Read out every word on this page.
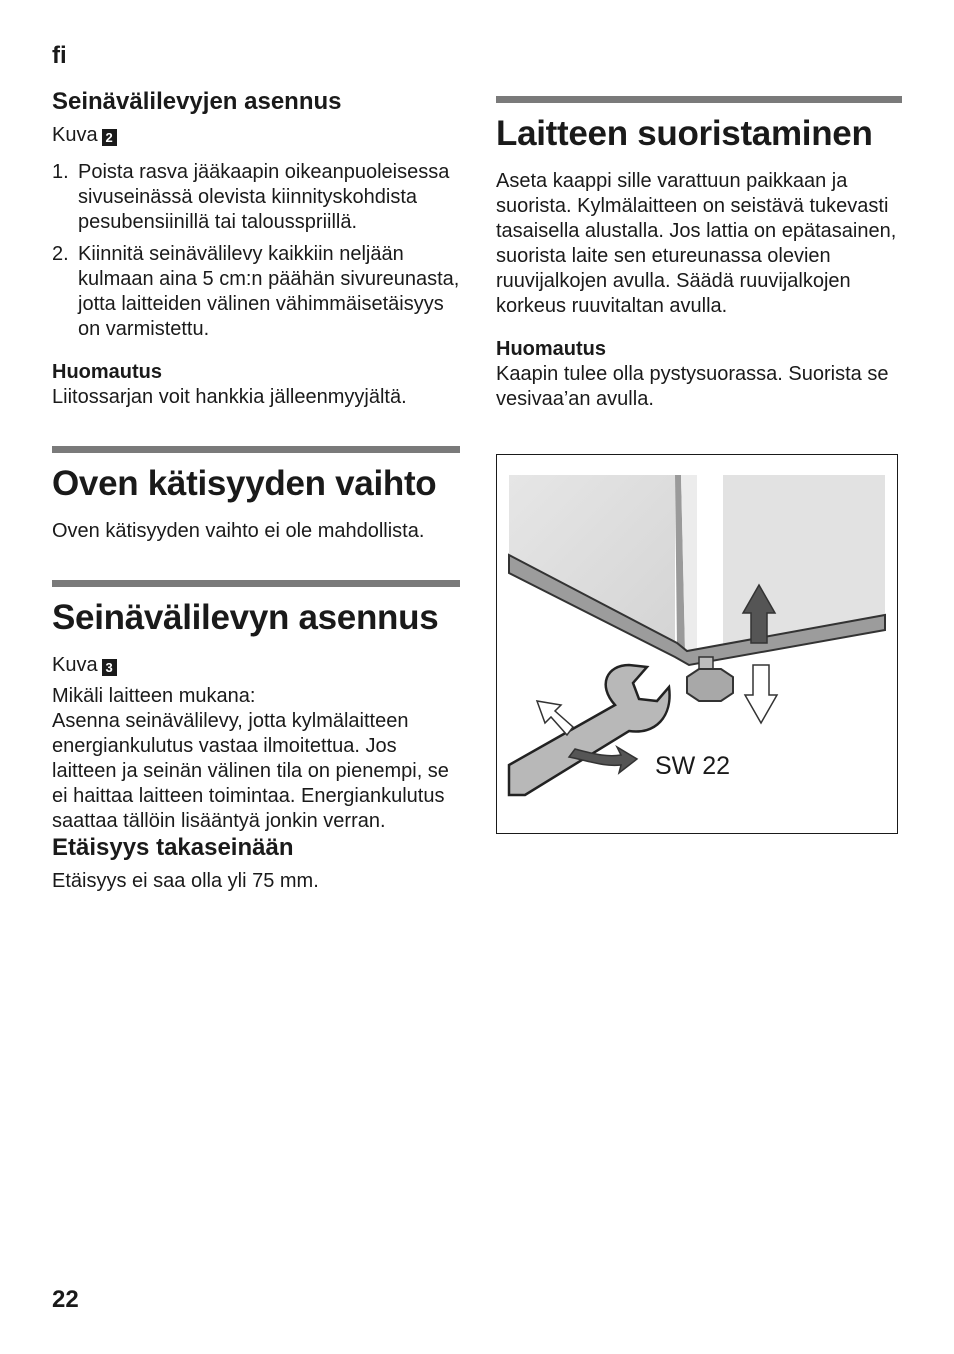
fi
Seinävälilevyjen asennus
Kuva 2
1. Poista rasva jääkaapin oikeanpuoleisessa sivuseinässä olevista kiinnityskohdista pesubensiinillä tai talousspriillä.
2. Kiinnitä seinävälilevy kaikkiin neljään kulmaan aina 5 cm:n päähän sivureunasta, jotta laitteiden välinen vähimmäisetäisyys on varmistettu.
Huomautus

Liitossarjan voit hankkia jälleenmyyjältä.

Oven kätisyyden vaihto

Oven kätisyyden vaihto ei ole mahdollista.

Seinävälilevyn asennus
Kuva 3

Mikäli laitteen mukana:

Asenna seinävälilevy, jotta kylmälaitteen energiankulutus vastaa ilmoitettua. Jos laitteen ja seinän välinen tila on pienempi, se ei haittaa laitteen toimintaa. Energiankulutus saattaa tällöin lisääntyä jonkin verran.

Etäisyys takaseinään

Etäisyys ei saa olla yli 75 mm.

Laitteen suoristaminen

Aseta kaappi sille varattuun paikkaan ja suorista. Kylmälaitteen on seistävä tukevasti tasaisella alustalla. Jos lattia on epätasainen, suorista laite sen etureunassa olevien ruuvijalkojen avulla. Säädä ruuvijalkojen korkeus ruuvitaltan avulla.

Huomautus

Kaapin tulee olla pystysuorassa. Suorista se vesivaa’an avulla.

SW 22
22
